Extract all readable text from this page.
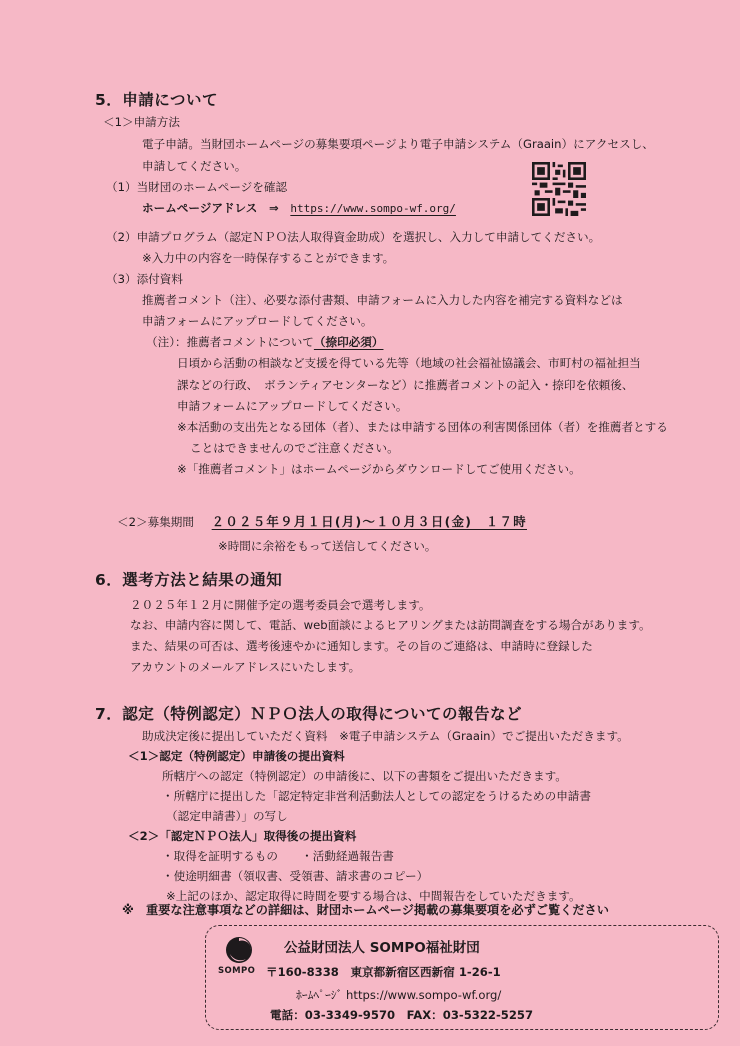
5．申請について
＜1＞申請方法
電子申請。当財団ホームページの募集要項ページより電子申請システム（Graain）にアクセスし、
申請してください。
（1）当財団のホームページを確認
ホームページアドレス　⇒ https://www.sompo-wf.org/
（2）申請プログラム（認定ＮＰＯ法人取得資金助成）を選択し、入力して申請してください。
※入力中の内容を一時保存することができます。
（3）添付資料
推薦者コメント（注）、必要な添付書類、申請フォームに入力した内容を補完する資料などは
申請フォームにアップロードしてください。
（注）：推薦者コメントについて（捺印必須）
日頃から活動の相談など支援を得ている先等（地域の社会福祉協議会、市町村の福祉担当
課などの行政、　ボランティアセンターなど）に推薦者コメントの記入・捺印を依頼後、
申請フォームにアップロードしてください。
※本活動の支出先となる団体（者）、または申請する団体の利害関係団体（者）を推薦者とする
ことはできませんのでご注意ください。
※「推薦者コメント」はホームページからダウンロードしてご使用ください。
＜2＞募集期間 ２０２５年９月１日(月)～１０月３日(金)　１７時
※時間に余裕をもって送信してください。
6．選考方法と結果の通知
２０２５年１２月に開催予定の選考委員会で選考します。
なお、申請内容に関して、電話、web面談によるヒアリングまたは訪問調査をする場合があります。
また、結果の可否は、選考後速やかに通知します。その旨のご連絡は、申請時に登録した
アカウントのメールアドレスにいたします。
7．認定（特例認定）ＮＰＯ法人の取得についての報告など
助成決定後に提出していただく資料　※電子申請システム（Graain）でご提出いただきます。
＜1＞認定（特例認定）申請後の提出資料
所轄庁への認定（特例認定）の申請後に、以下の書類をご提出いただきます。
・所轄庁に提出した「認定特定非営利活動法人としての認定をうけるための申請書
（認定申請書）」の写し
＜2＞「認定ＮＰＯ法人」取得後の提出資料
・取得を証明するもの　　・活動経過報告書
・使途明細書（領収書、受領書、請求書のコピー）
※上記のほか、認定取得に時間を要する場合は、中間報告をしていただきます。
※　重要な注意事項などの詳細は、財団ホームページ掲載の募集要項を必ずご覧ください
SOMPO
公益財団法人 SOMPO福祉財団
〒160-8338　東京都新宿区西新宿 1-26-1
ﾎｰﾑﾍﾟｰｼﾞ https://www.sompo-wf.org/
電話：03-3349-9570　FAX：03-5322-5257
